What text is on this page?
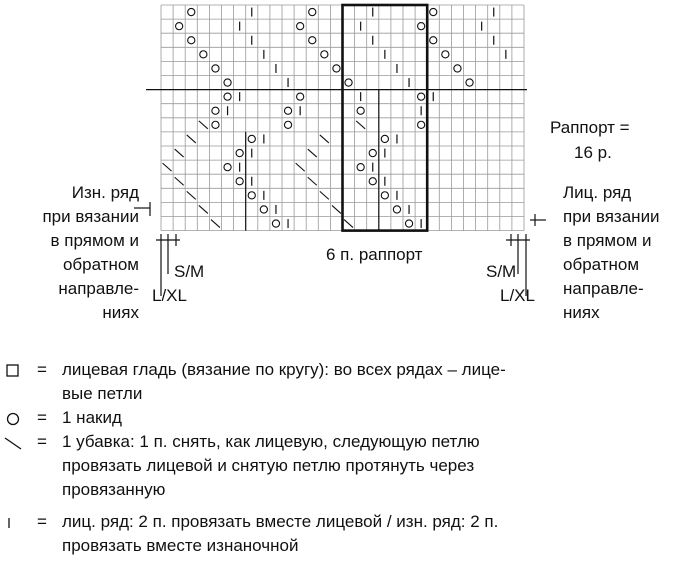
Раппорт =
16 р.
6 п. раппорт
Изн. ряд
при вязании
в прямом и
обратном
направле-
ниях
Лиц. ряд
при вязании
в прямом и
обратном
направле-
ниях
S/M
L/XL
S/M
L/XL
= лицевая гладь (вязание по кругу): во всех рядах – лице-
вые петли
= 1 накид
= 1 убавка: 1 п. снять, как лицевую, следующую петлю
провязать лицевой и снятую петлю протянуть через
провязанную
= лиц. ряд: 2 п. провязать вместе лицевой / изн. ряд: 2 п.
провязать вместе изнаночной
